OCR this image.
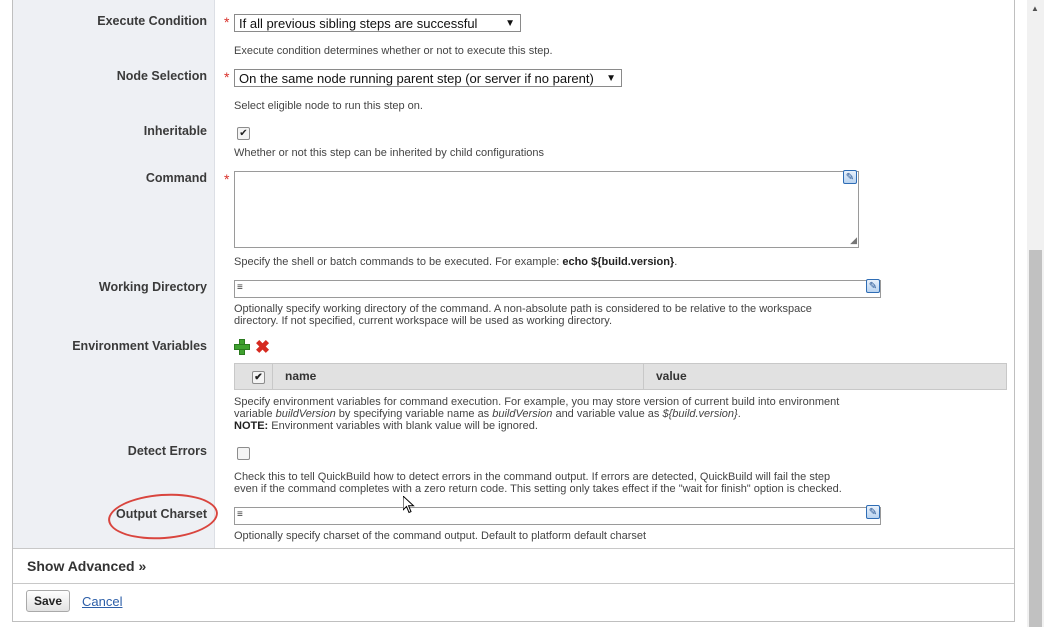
Execute Condition * If all previous sibling steps are successful	▼
Execute condition determines whether or not to execute this step.
Node Selection * On the same node running parent step (or server if no parent) ▼
Select eligible node to run this step on.
Inheritable	✔
Whether or not this step can be inherited by child configurations
Command *
◢
✎
Specify the shell or batch commands to be executed. For example: echo ${build.version}.
Working Directory	≡	✎
Optionally specify working directory of the command. A non-absolute path is considered to be relative to the workspace
directory. If not specified, current workspace will be used as working directory.
Environment Variables	✖
✔ name	value
Specify environment variables for command execution. For example, you may store version of current build into environment
variable buildVersion by specifying variable name as buildVersion and variable value as ${build.version}.
NOTE: Environment variables with blank value will be ignored.
Detect Errors
Check this to tell QuickBuild how to detect errors in the command output. If errors are detected, QuickBuild will fail the step
even if the command completes with a zero return code. This setting only takes effect if the "wait for finish" option is checked.
Output Charset	≡	✎
Optionally specify charset of the command output. Default to platform default charset
Show Advanced »
Save	Cancel
▲
